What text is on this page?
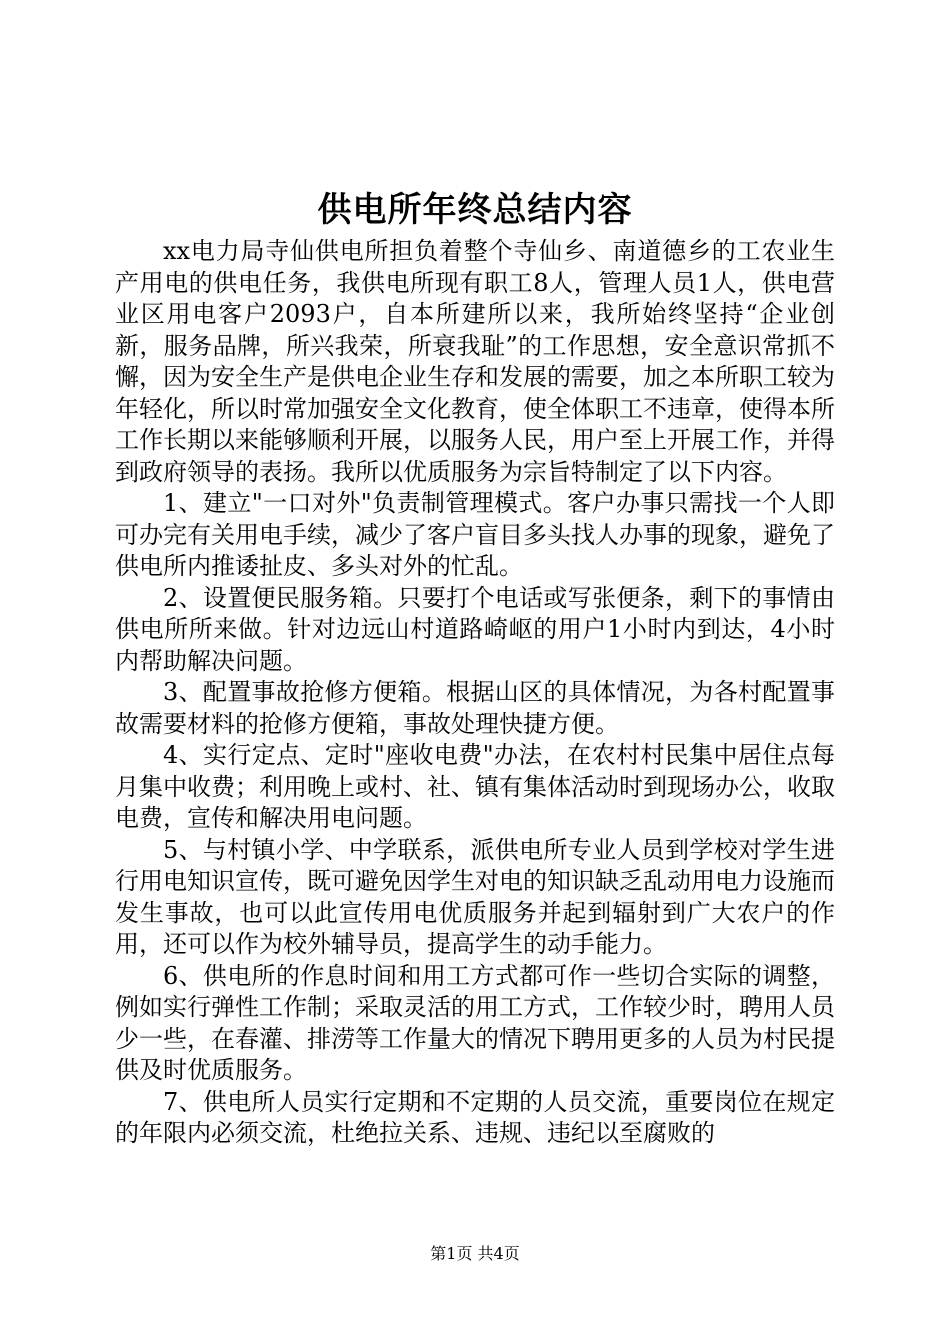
供电所年终总结内容

xx电力局寺仙供电所担负着整个寺仙乡、南道德乡的工农业生产用电的供电任务，我供电所现有职工8人，管理人员1人，供电营业区用电客户2093户，自本所建所以来，我所始终坚持“企业创新，服务品牌，所兴我荣，所衰我耻”的工作思想，安全意识常抓不懈，因为安全生产是供电企业生存和发展的需要，加之本所职工较为年轻化，所以时常加强安全文化教育，使全体职工不违章，使得本所工作长期以来能够顺利开展，以服务人民，用户至上开展工作，并得到政府领导的表扬。我所以优质服务为宗旨特制定了以下内容。

1、建立"一口对外"负责制管理模式。客户办事只需找一个人即可办完有关用电手续，减少了客户盲目多头找人办事的现象，避免了供电所内推诿扯皮、多头对外的忙乱。

2、设置便民服务箱。只要打个电话或写张便条，剩下的事情由供电所所来做。针对边远山村道路崎岖的用户1小时内到达，4小时内帮助解决问题。

3、配置事故抢修方便箱。根据山区的具体情况，为各村配置事故需要材料的抢修方便箱，事故处理快捷方便。

4、实行定点、定时"座收电费"办法，在农村村民集中居住点每月集中收费；利用晚上或村、社、镇有集体活动时到现场办公，收取电费，宣传和解决用电问题。

5、与村镇小学、中学联系，派供电所专业人员到学校对学生进行用电知识宣传，既可避免因学生对电的知识缺乏乱动用电力设施而发生事故，也可以此宣传用电优质服务并起到辐射到广大农户的作用，还可以作为校外辅导员，提高学生的动手能力。

6、供电所的作息时间和用工方式都可作一些切合实际的调整，例如实行弹性工作制；采取灵活的用工方式，工作较少时，聘用人员少一些，在春灌、排涝等工作量大的情况下聘用更多的人员为村民提供及时优质服务。

7、供电所人员实行定期和不定期的人员交流，重要岗位在规定的年限内必须交流，杜绝拉关系、违规、违纪以至腐败的

第1页 共4页
